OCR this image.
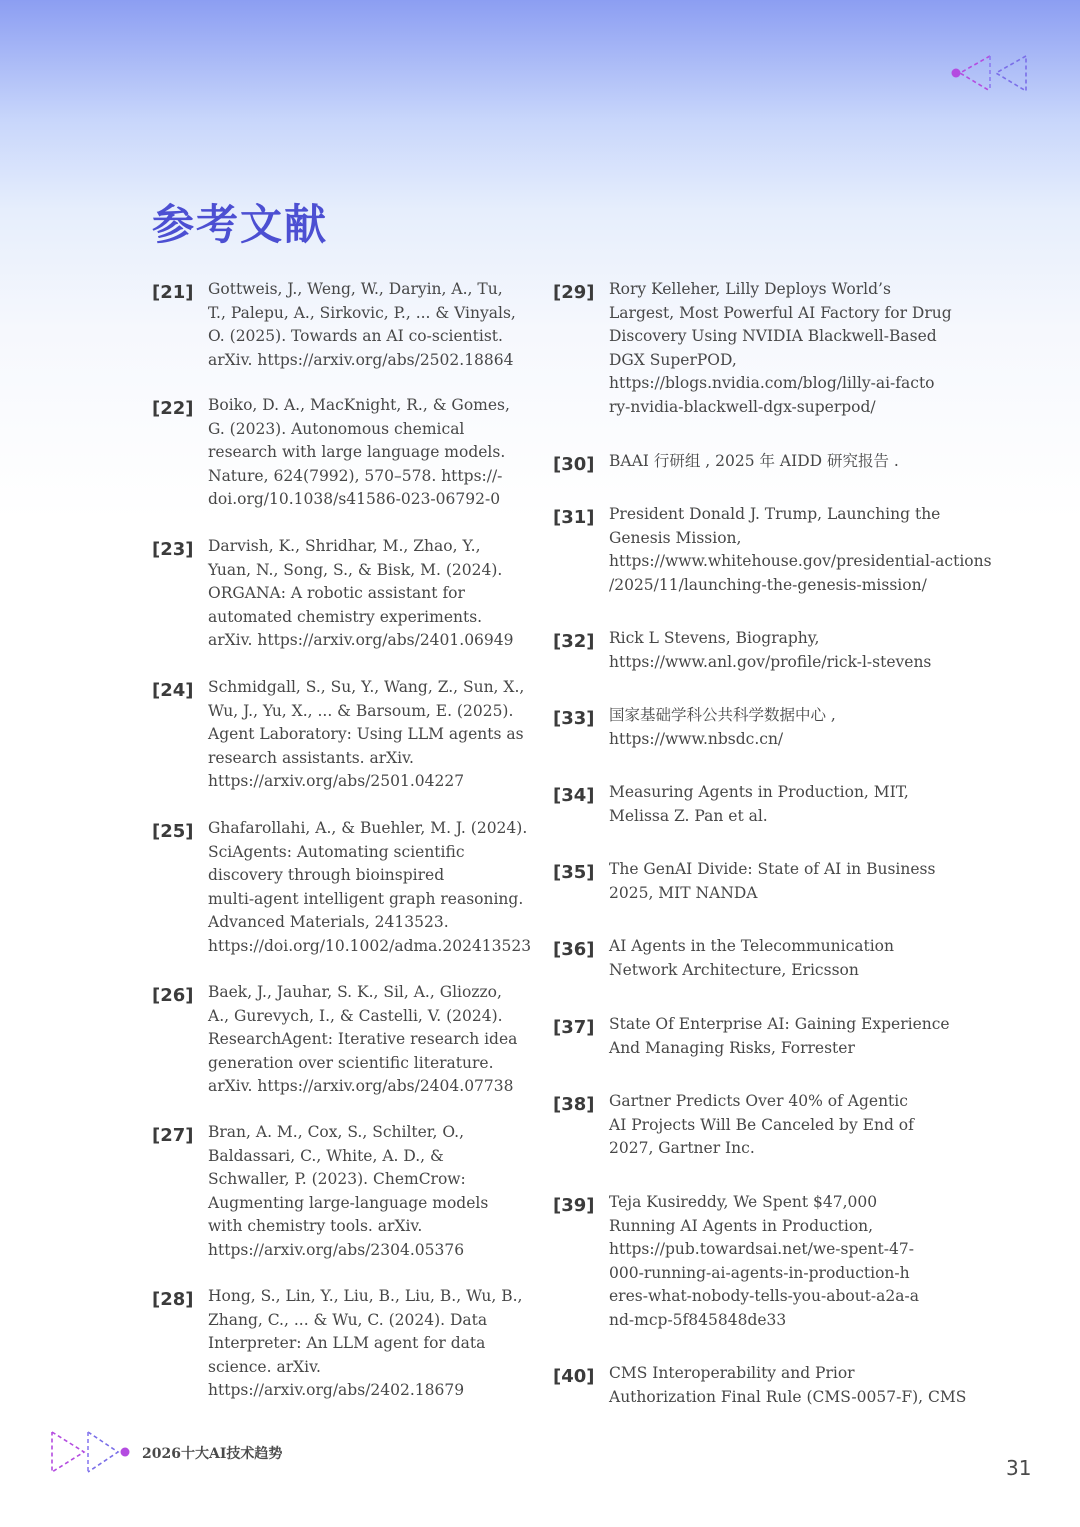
参考文献
[21] Gottweis, J., Weng, W., Daryin, A., Tu,
T., Palepu, A., Sirkovic, P., ... & Vinyals,
O. (2025). Towards an AI co-scientist.
arXiv. https://arxiv.org/abs/2502.18864
[22] Boiko, D. A., MacKnight, R., & Gomes,
G. (2023). Autonomous chemical
research with large language models.
Nature, 624(7992), 570–578. https://-
doi.org/10.1038/s41586-023-06792-0
[23] Darvish, K., Shridhar, M., Zhao, Y.,
Yuan, N., Song, S., & Bisk, M. (2024).
ORGANA: A robotic assistant for
automated chemistry experiments.
arXiv. https://arxiv.org/abs/2401.06949
[24] Schmidgall, S., Su, Y., Wang, Z., Sun, X.,
Wu, J., Yu, X., ... & Barsoum, E. (2025).
Agent Laboratory: Using LLM agents as
research assistants. arXiv.
https://arxiv.org/abs/2501.04227
[25] Ghafarollahi, A., & Buehler, M. J. (2024).
SciAgents: Automating scientific
discovery through bioinspired
multi-agent intelligent graph reasoning.
Advanced Materials, 2413523.
https://doi.org/10.1002/adma.202413523
[26] Baek, J., Jauhar, S. K., Sil, A., Gliozzo,
A., Gurevych, I., & Castelli, V. (2024).
ResearchAgent: Iterative research idea
generation over scientific literature.
arXiv. https://arxiv.org/abs/2404.07738
[27] Bran, A. M., Cox, S., Schilter, O.,
Baldassari, C., White, A. D., &
Schwaller, P. (2023). ChemCrow:
Augmenting large-language models
with chemistry tools. arXiv.
https://arxiv.org/abs/2304.05376
[28] Hong, S., Lin, Y., Liu, B., Liu, B., Wu, B.,
Zhang, C., ... & Wu, C. (2024). Data
Interpreter: An LLM agent for data
science. arXiv.
https://arxiv.org/abs/2402.18679
[29] Rory Kelleher, Lilly Deploys World’s
Largest, Most Powerful AI Factory for Drug
Discovery Using NVIDIA Blackwell-Based
DGX SuperPOD,
https://blogs.nvidia.com/blog/lilly-ai-facto
ry-nvidia-blackwell-dgx-superpod/
[30] BAAI 行研组 , 2025 年 AIDD 研究报告 .
[31] President Donald J. Trump, Launching the
Genesis Mission,
https://www.whitehouse.gov/presidential-actions
/2025/11/launching-the-genesis-mission/
[32] Rick L Stevens, Biography,
https://www.anl.gov/profile/rick-l-stevens
[33] 国家基础学科公共科学数据中心 ,
https://www.nbsdc.cn/
[34] Measuring Agents in Production, MIT,
Melissa Z. Pan et al.
[35] The GenAI Divide: State of AI in Business
2025, MIT NANDA
[36] AI Agents in the Telecommunication
Network Architecture, Ericsson
[37] State Of Enterprise AI: Gaining Experience
And Managing Risks, Forrester
[38] Gartner Predicts Over 40% of Agentic
AI Projects Will Be Canceled by End of
2027, Gartner Inc.
[39] Teja Kusireddy, We Spent $47,000
Running AI Agents in Production,
https://pub.towardsai.net/we-spent-47-
000-running-ai-agents-in-production-h
eres-what-nobody-tells-you-about-a2a-a
nd-mcp-5f845848de33
[40] CMS Interoperability and Prior
Authorization Final Rule (CMS-0057-F), CMS
2026十大AI技术趋势
31
